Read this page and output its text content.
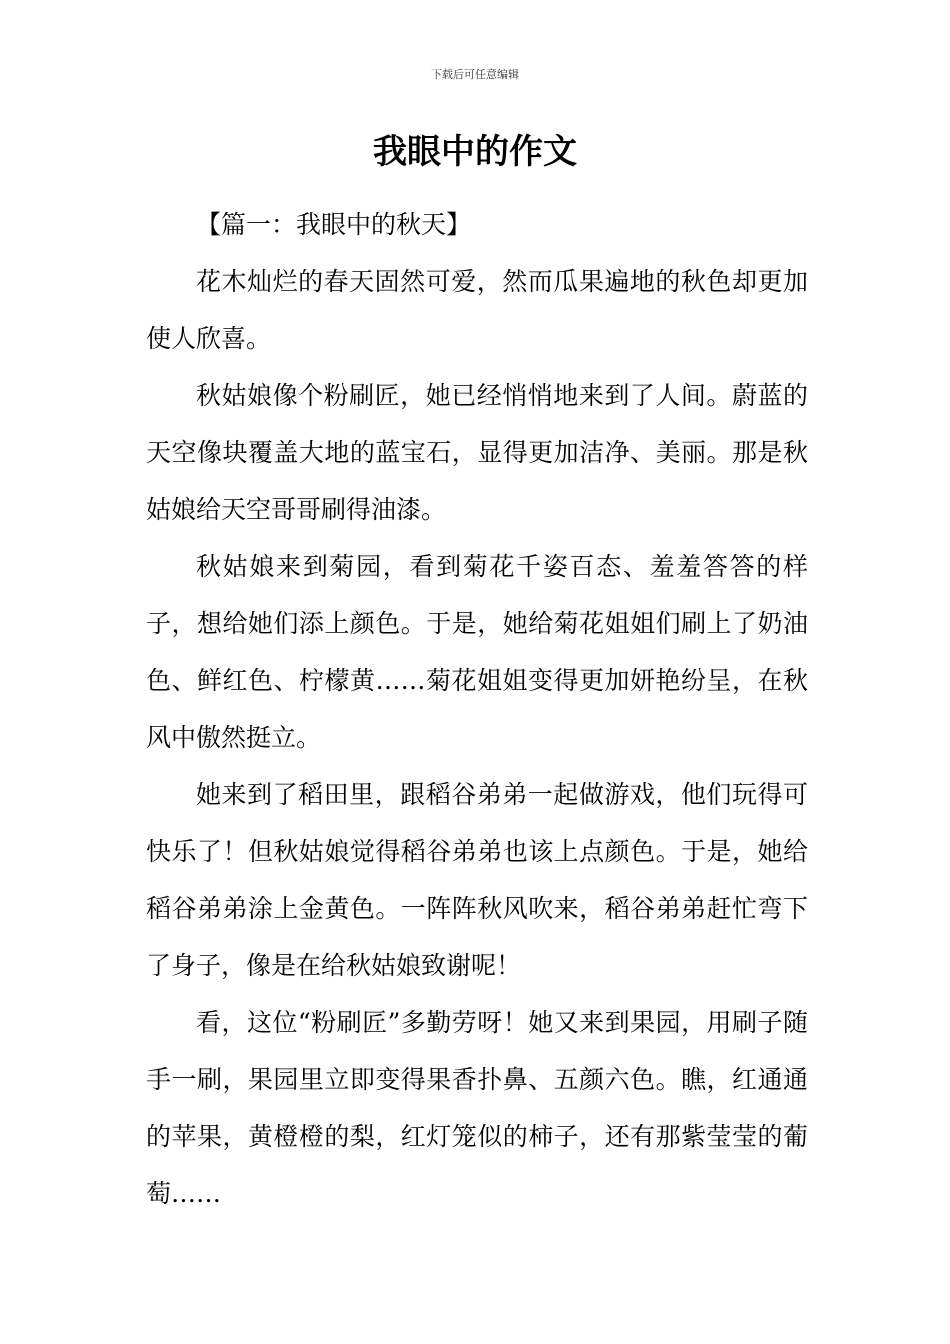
下载后可任意编辑
我眼中的作文

【篇一：我眼中的秋天】

花木灿烂的春天固然可爱，然而瓜果遍地的秋色却更加使人欣喜。

秋姑娘像个粉刷匠，她已经悄悄地来到了人间。蔚蓝的天空像块覆盖大地的蓝宝石，显得更加洁净、美丽。那是秋姑娘给天空哥哥刷得油漆。

秋姑娘来到菊园，看到菊花千姿百态、羞羞答答的样子，想给她们添上颜色。于是，她给菊花姐姐们刷上了奶油色、鲜红色、柠檬黄……菊花姐姐变得更加妍艳纷呈，在秋风中傲然挺立。

她来到了稻田里，跟稻谷弟弟一起做游戏，他们玩得可快乐了！但秋姑娘觉得稻谷弟弟也该上点颜色。于是，她给稻谷弟弟涂上金黄色。一阵阵秋风吹来，稻谷弟弟赶忙弯下了身子，像是在给秋姑娘致谢呢！

看，这位“粉刷匠”多勤劳呀！她又来到果园，用刷子随手一刷，果园里立即变得果香扑鼻、五颜六色。瞧，红通通的苹果，黄橙橙的梨，红灯笼似的柿子，还有那紫莹莹的葡萄……
